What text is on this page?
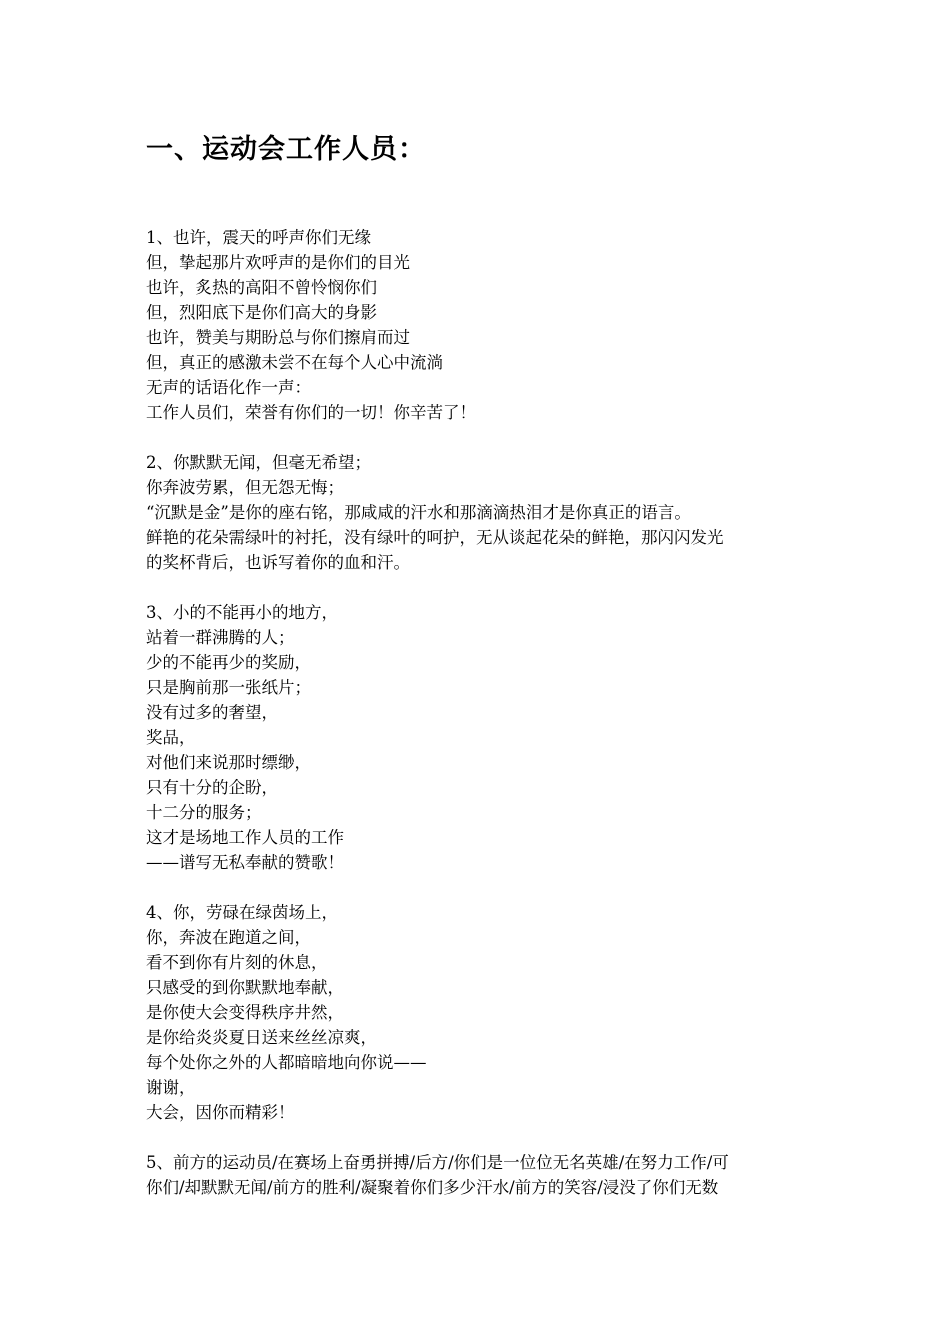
一、运动会工作人员：
1、也许，震天的呼声你们无缘
但，挚起那片欢呼声的是你们的目光
也许，炙热的高阳不曾怜悯你们
但，烈阳底下是你们高大的身影
也许，赞美与期盼总与你们擦肩而过
但，真正的感激未尝不在每个人心中流淌
无声的话语化作一声：
工作人员们，荣誉有你们的一切！你辛苦了！
2、你默默无闻，但毫无希望；
你奔波劳累，但无怨无悔；
“沉默是金”是你的座右铭，那咸咸的汗水和那滴滴热泪才是你真正的语言。
鲜艳的花朵需绿叶的衬托，没有绿叶的呵护，无从谈起花朵的鲜艳，那闪闪发光
的奖杯背后，也诉写着你的血和汗。
3、小的不能再小的地方，
站着一群沸腾的人；
少的不能再少的奖励，
只是胸前那一张纸片；
没有过多的奢望，
奖品，
对他们来说那时缥缈，
只有十分的企盼，
十二分的服务；
这才是场地工作人员的工作
——谱写无私奉献的赞歌！
4、你，劳碌在绿茵场上，
你，奔波在跑道之间，
看不到你有片刻的休息，
只感受的到你默默地奉献，
是你使大会变得秩序井然，
是你给炎炎夏日送来丝丝凉爽，
每个处你之外的人都暗暗地向你说——
谢谢，
大会，因你而精彩！
5、前方的运动员/在赛场上奋勇拼搏/后方/你们是一位位无名英雄/在努力工作/可
你们/却默默无闻/前方的胜利/凝聚着你们多少汗水/前方的笑容/浸没了你们无数
